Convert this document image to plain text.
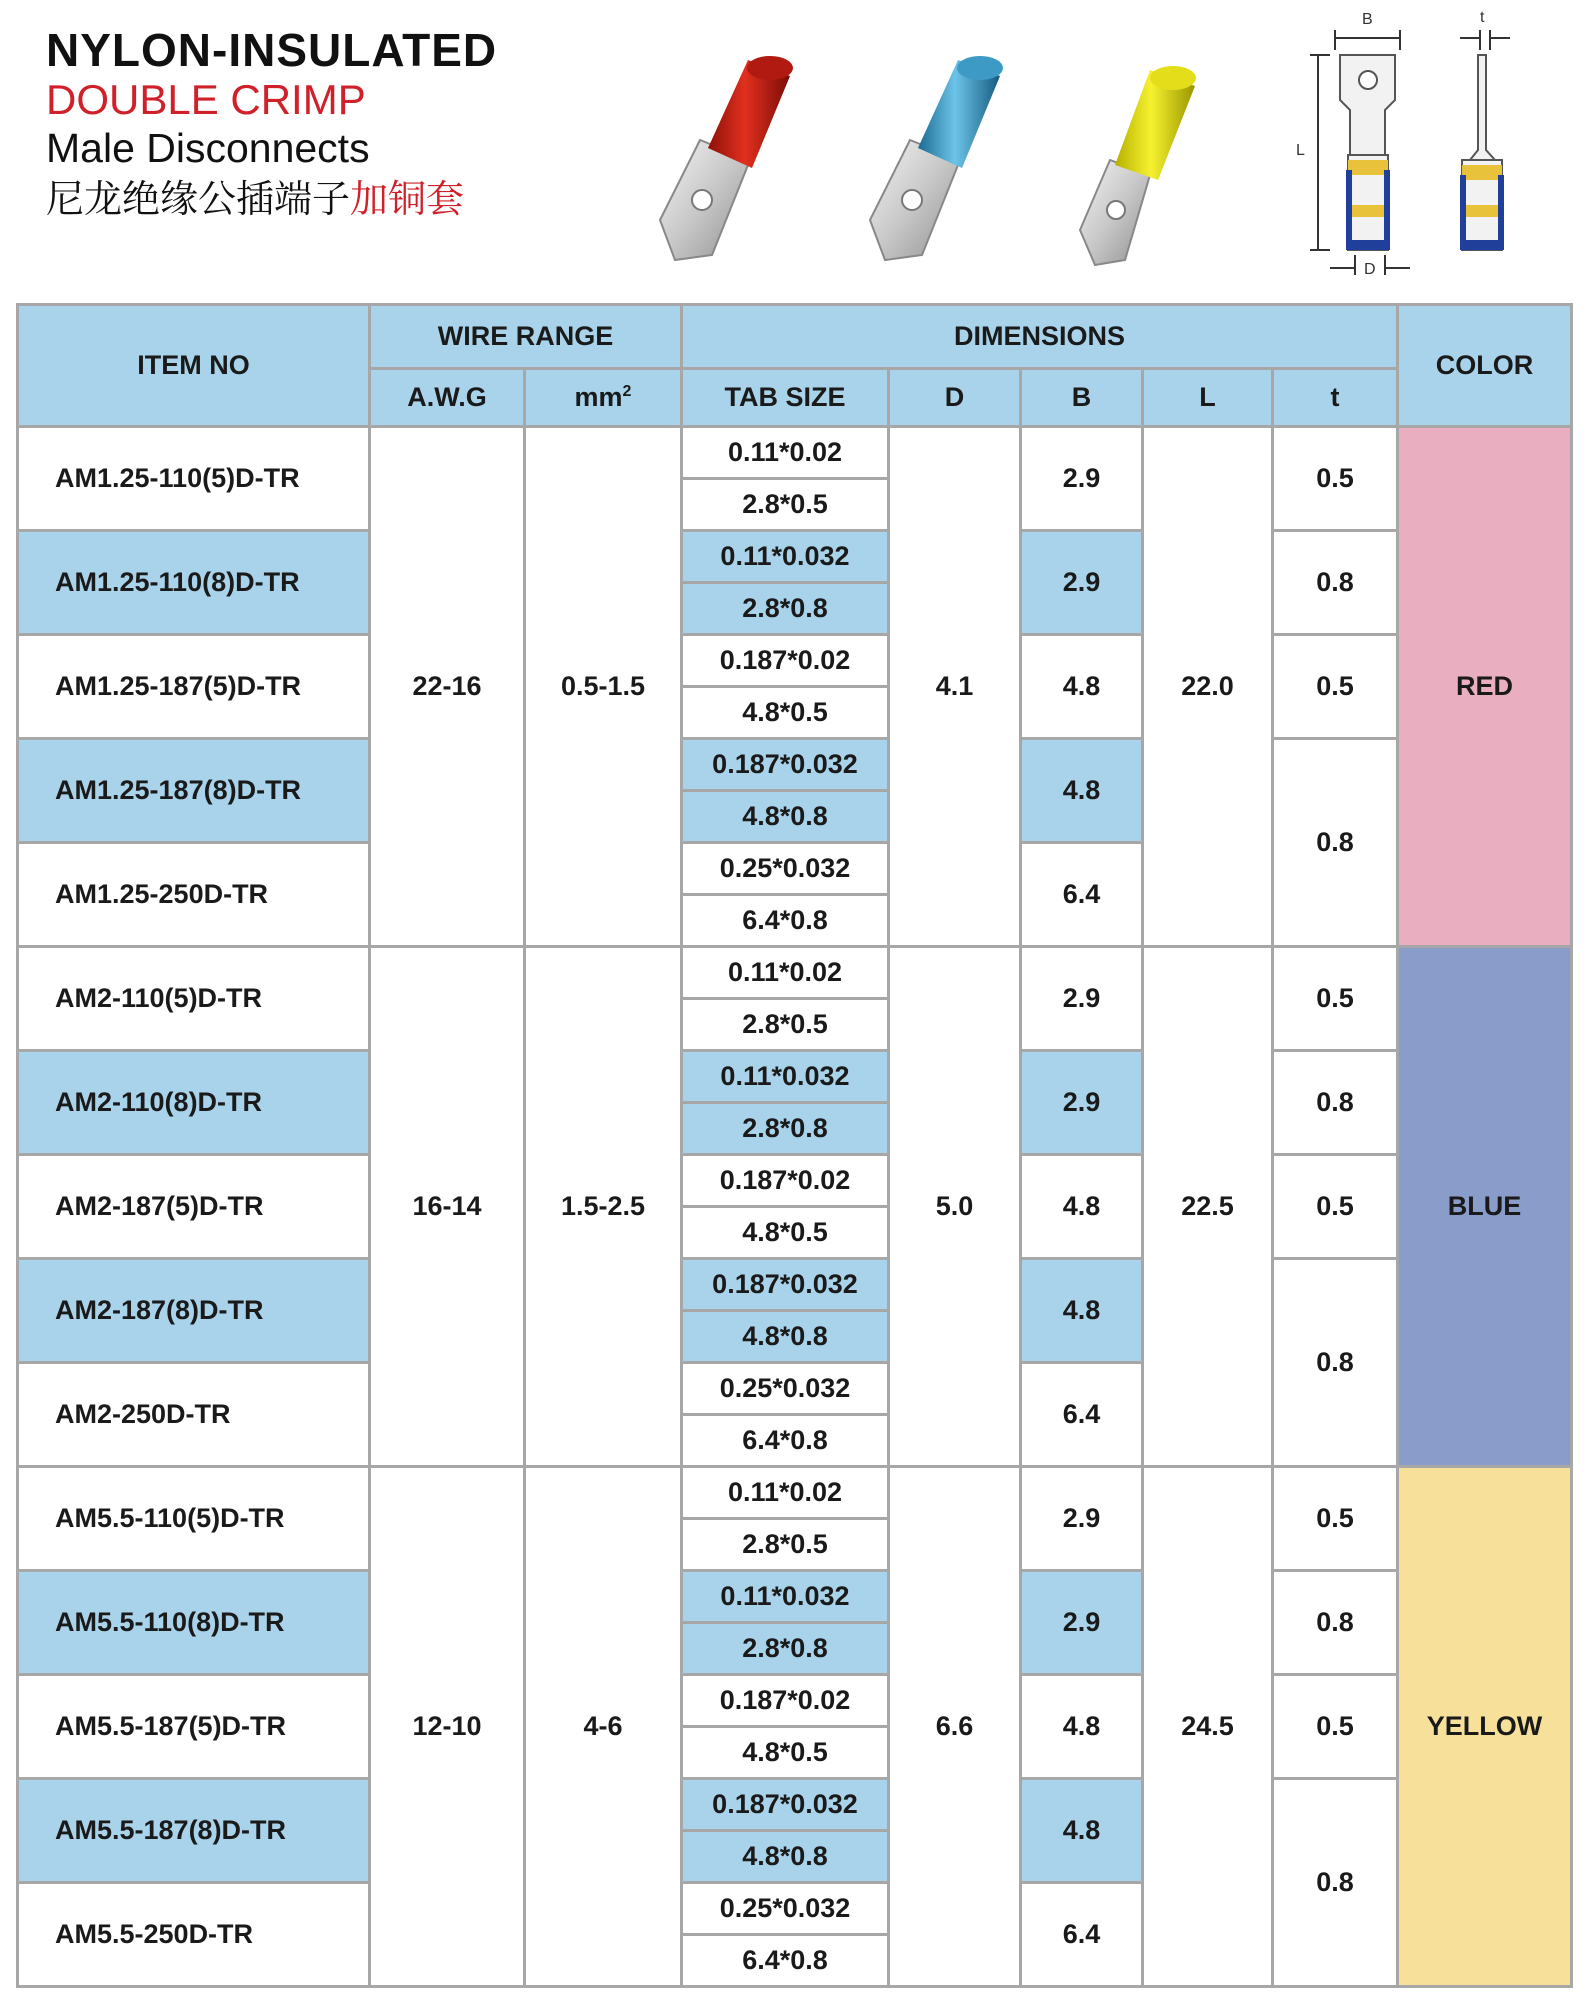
NYLON-INSULATED
DOUBLE CRIMP
Male Disconnects
尼龙绝缘公插端子加铜套
B	t
L
D
ITEM NO	WIRE RANGE		DIMENSIONS					COLOR
	A.W.G	$mm^2$	TAB SIZE	D	B	L	t	
AM1.25-110(5)D-TR	22-16	0.5-1.5	0.11*0.02	4.1	2.9	22.0	0.5	RED
			2.8*0.5					
AM1.25-110(8)D-TR			0.11*0.032		2.9		0.8	
			2.8*0.8					
AM1.25-187(5)D-TR			0.187*0.02		4.8		0.5	
			4.8*0.5					
AM1.25-187(8)D-TR			0.187*0.032		4.8		0.8	
			4.8*0.8					
AM1.25-250D-TR			0.25*0.032		6.4			
			6.4*0.8					
AM2-110(5)D-TR	16-14	1.5-2.5	0.11*0.02	5.0	2.9	22.5	0.5	BLUE
			2.8*0.5					
AM2-110(8)D-TR			0.11*0.032		2.9		0.8	
			2.8*0.8					
AM2-187(5)D-TR			0.187*0.02		4.8		0.5	
			4.8*0.5					
AM2-187(8)D-TR			0.187*0.032		4.8		0.8	
			4.8*0.8					
AM2-250D-TR			0.25*0.032		6.4			
			6.4*0.8					
AM5.5-110(5)D-TR	12-10	4-6	0.11*0.02	6.6	2.9	24.5	0.5	YELLOW
			2.8*0.5					
AM5.5-110(8)D-TR			0.11*0.032		2.9		0.8	
			2.8*0.8					
AM5.5-187(5)D-TR			0.187*0.02		4.8		0.5	
			4.8*0.5					
AM5.5-187(8)D-TR			0.187*0.032		4.8		0.8	
			4.8*0.8					
AM5.5-250D-TR			0.25*0.032		6.4			
			6.4*0.8					
